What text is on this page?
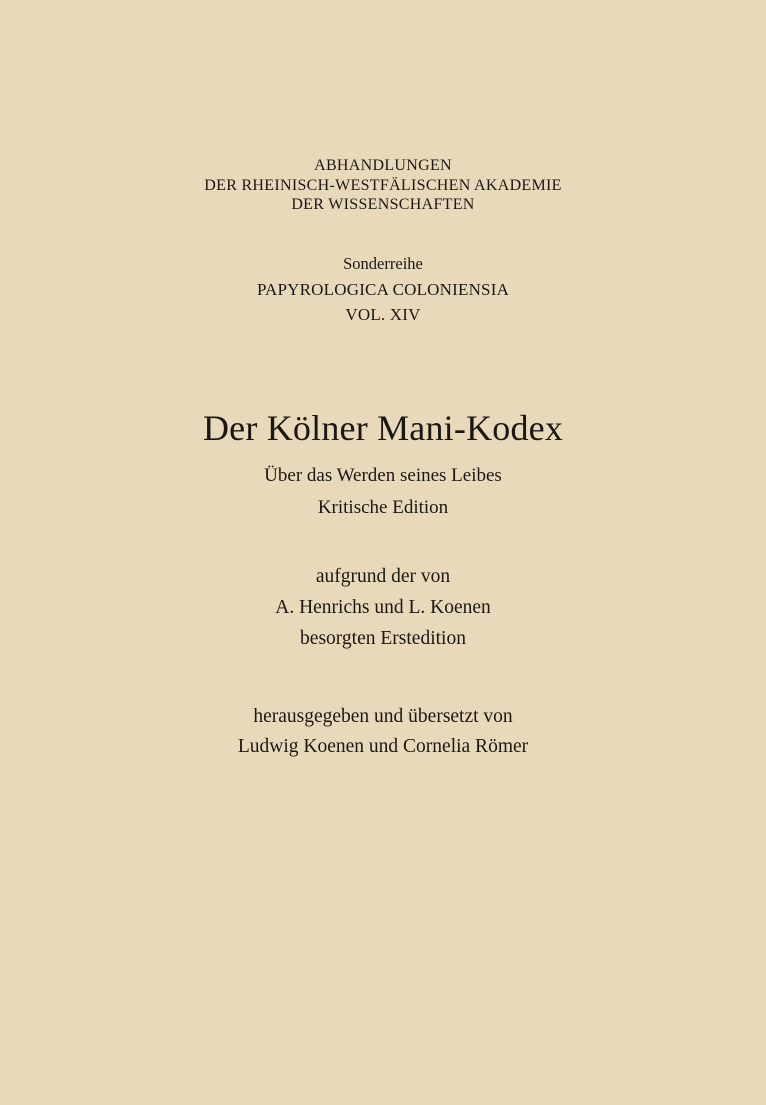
ABHANDLUNGEN
DER RHEINISCH-WESTFÄLISCHEN AKADEMIE
DER WISSENSCHAFTEN
Sonderreihe
PAPYROLOGICA COLONIENSIA
VOL. XIV
Der Kölner Mani-Kodex
Über das Werden seines Leibes
Kritische Edition
aufgrund der von
A. Henrichs und L. Koenen
besorgten Erstedition
herausgegeben und übersetzt von
Ludwig Koenen und Cornelia Römer
